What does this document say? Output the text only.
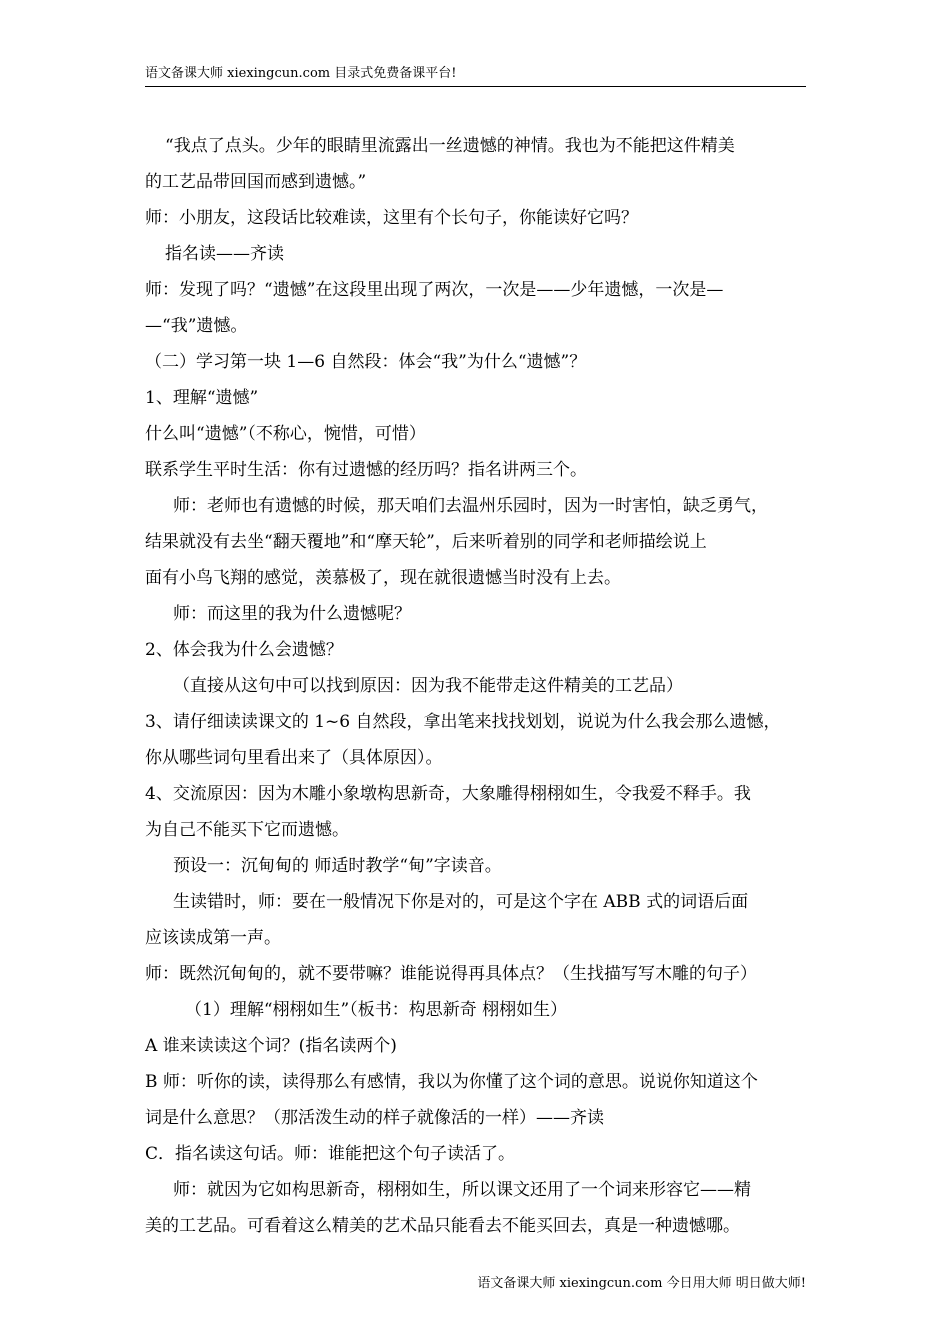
语文备课大师 xiexingcun.com 目录式免费备课平台!
“我点了点头。少年的眼睛里流露出一丝遗憾的神情。我也为不能把这件精美
的工艺品带回国而感到遗憾。”
师：小朋友，这段话比较难读，这里有个长句子，你能读好它吗？
指名读——齐读
师：发现了吗？“遗憾”在这段里出现了两次，一次是——少年遗憾，一次是—
—“我”遗憾。
（二）学习第一块 1—6 自然段：体会“我”为什么“遗憾”？
1、理解“遗憾”
什么叫“遗憾”（不称心，惋惜，可惜）
联系学生平时生活：你有过遗憾的经历吗？指名讲两三个。
师：老师也有遗憾的时候，那天咱们去温州乐园时，因为一时害怕，缺乏勇气，
结果就没有去坐“翻天覆地”和“摩天轮”，后来听着别的同学和老师描绘说上
面有小鸟飞翔的感觉，羡慕极了，现在就很遗憾当时没有上去。
师：而这里的我为什么遗憾呢？
2、体会我为什么会遗憾？
（直接从这句中可以找到原因：因为我不能带走这件精美的工艺品）
3、请仔细读读课文的 1~6 自然段，拿出笔来找找划划，说说为什么我会那么遗憾，
你从哪些词句里看出来了（具体原因）。
4、交流原因：因为木雕小象墩构思新奇，大象雕得栩栩如生，令我爱不释手。我
为自己不能买下它而遗憾。
预设一：沉甸甸的 师适时教学“甸”字读音。
生读错时，师：要在一般情况下你是对的，可是这个字在 ABB 式的词语后面
应该读成第一声。
师：既然沉甸甸的，就不要带嘛？谁能说得再具体点？（生找描写写木雕的句子）
（1）理解“栩栩如生”（板书：构思新奇 栩栩如生）
A 谁来读读这个词？(指名读两个)
B 师：听你的读，读得那么有感情，我以为你懂了这个词的意思。说说你知道这个
词是什么意思？（那活泼生动的样子就像活的一样）——齐读
C．指名读这句话。师：谁能把这个句子读活了。
师：就因为它如构思新奇，栩栩如生，所以课文还用了一个词来形容它——精
美的工艺品。可看着这么精美的艺术品只能看去不能买回去，真是一种遗憾哪。
语文备课大师 xiexingcun.com 今日用大师 明日做大师!
